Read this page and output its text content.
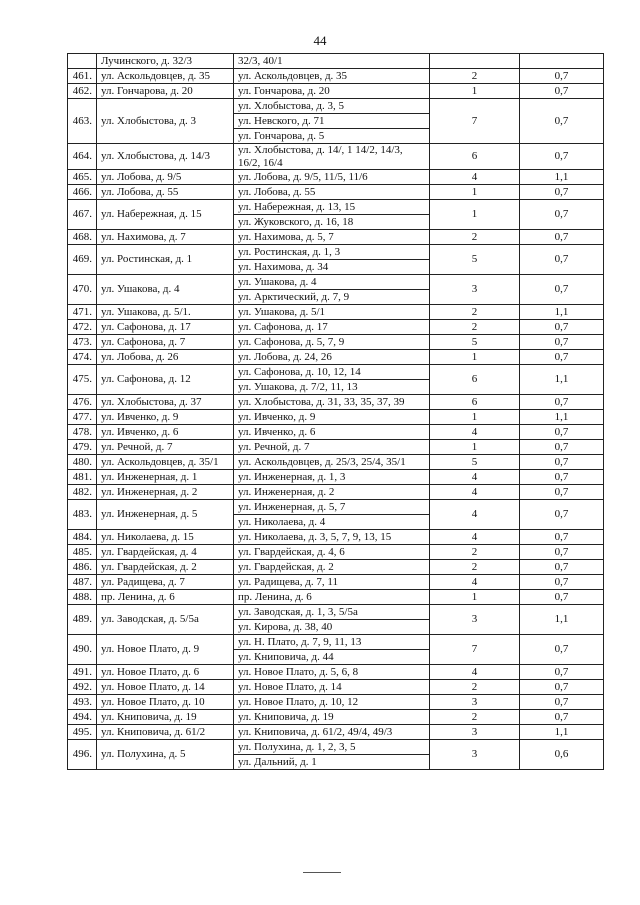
44
	Лучинского, д. 32/3	32/3, 40/1		
461.	ул. Аскольдовцев, д. 35	ул. Аскольдовцев, д. 35	2	0,7
462.	ул. Гончарова, д. 20	ул. Гончарова, д. 20	1	0,7
463.	ул. Хлобыстова, д. 3	ул. Хлобыстова, д. 3, 5	7	0,7
		ул. Невского, д. 71		
		ул. Гончарова, д. 5		
464.	ул. Хлобыстова, д. 14/3	ул. Хлобыстова, д. 14/, 1 14/2, 14/3, 16/2, 16/4	6	0,7
465.	ул. Лобова, д. 9/5	ул. Лобова, д. 9/5, 11/5, 11/6	4	1,1
466.	ул. Лобова, д. 55	ул. Лобова, д. 55	1	0,7
467.	ул. Набережная, д. 15	ул. Набережная, д. 13, 15	1	0,7
		ул. Жуковского, д. 16, 18		
468.	ул. Нахимова, д. 7	ул. Нахимова, д. 5, 7	2	0,7
469.	ул. Ростинская, д. 1	ул. Ростинская, д. 1, 3	5	0,7
		ул. Нахимова, д. 34		
470.	ул. Ушакова, д. 4	ул. Ушакова, д. 4	3	0,7
		ул. Арктический, д. 7, 9		
471.	ул. Ушакова, д. 5/1.	ул. Ушакова, д. 5/1	2	1,1
472.	ул. Сафонова, д. 17	ул. Сафонова, д. 17	2	0,7
473.	ул. Сафонова, д. 7	ул. Сафонова, д. 5, 7, 9	5	0,7
474.	ул. Лобова, д. 26	ул. Лобова, д. 24, 26	1	0,7
475.	ул. Сафонова, д. 12	ул. Сафонова, д. 10, 12, 14	6	1,1
		ул. Ушакова, д. 7/2, 11, 13		
476.	ул. Хлобыстова, д. 37	ул. Хлобыстова, д. 31, 33, 35, 37, 39	6	0,7
477.	ул. Ивченко, д. 9	ул. Ивченко, д. 9	1	1,1
478.	ул. Ивченко, д. 6	ул. Ивченко, д. 6	4	0,7
479.	ул. Речной, д. 7	ул. Речной, д. 7	1	0,7
480.	ул. Аскольдовцев, д. 35/1	ул. Аскольдовцев, д. 25/3, 25/4, 35/1	5	0,7
481.	ул. Инженерная, д. 1	ул. Инженерная, д. 1, 3	4	0,7
482.	ул. Инженерная, д. 2	ул. Инженерная, д. 2	4	0,7
483.	ул. Инженерная, д. 5	ул. Инженерная, д. 5, 7	4	0,7
		ул. Николаева, д. 4		
484.	ул. Николаева, д. 15	ул. Николаева, д. 3, 5, 7, 9, 13, 15	4	0,7
485.	ул. Гвардейская, д. 4	ул. Гвардейская, д. 4, 6	2	0,7
486.	ул. Гвардейская, д. 2	ул. Гвардейская, д. 2	2	0,7
487.	ул. Радищева, д. 7	ул. Радищева, д. 7, 11	4	0,7
488.	пр. Ленина, д. 6	пр. Ленина, д. 6	1	0,7
489.	ул. Заводская, д. 5/5а	ул. Заводская, д. 1, 3, 5/5а	3	1,1
		ул. Кирова, д. 38, 40		
490.	ул. Новое Плато, д. 9	ул. Н. Плато, д. 7, 9, 11, 13	7	0,7
		ул. Книповича, д. 44		
491.	ул. Новое Плато, д. 6	ул. Новое Плато, д. 5, 6, 8	4	0,7
492.	ул. Новое Плато, д. 14	ул. Новое Плато, д. 14	2	0,7
493.	ул. Новое Плато, д. 10	ул. Новое Плато, д. 10, 12	3	0,7
494.	ул. Книповича, д. 19	ул. Книповича, д. 19	2	0,7
495.	ул. Книповича, д. 61/2	ул. Книповича, д. 61/2, 49/4, 49/3	3	1,1
496.	ул. Полухина, д. 5	ул. Полухина, д. 1, 2, 3, 5	3	0,6
		ул. Дальний, д. 1		
